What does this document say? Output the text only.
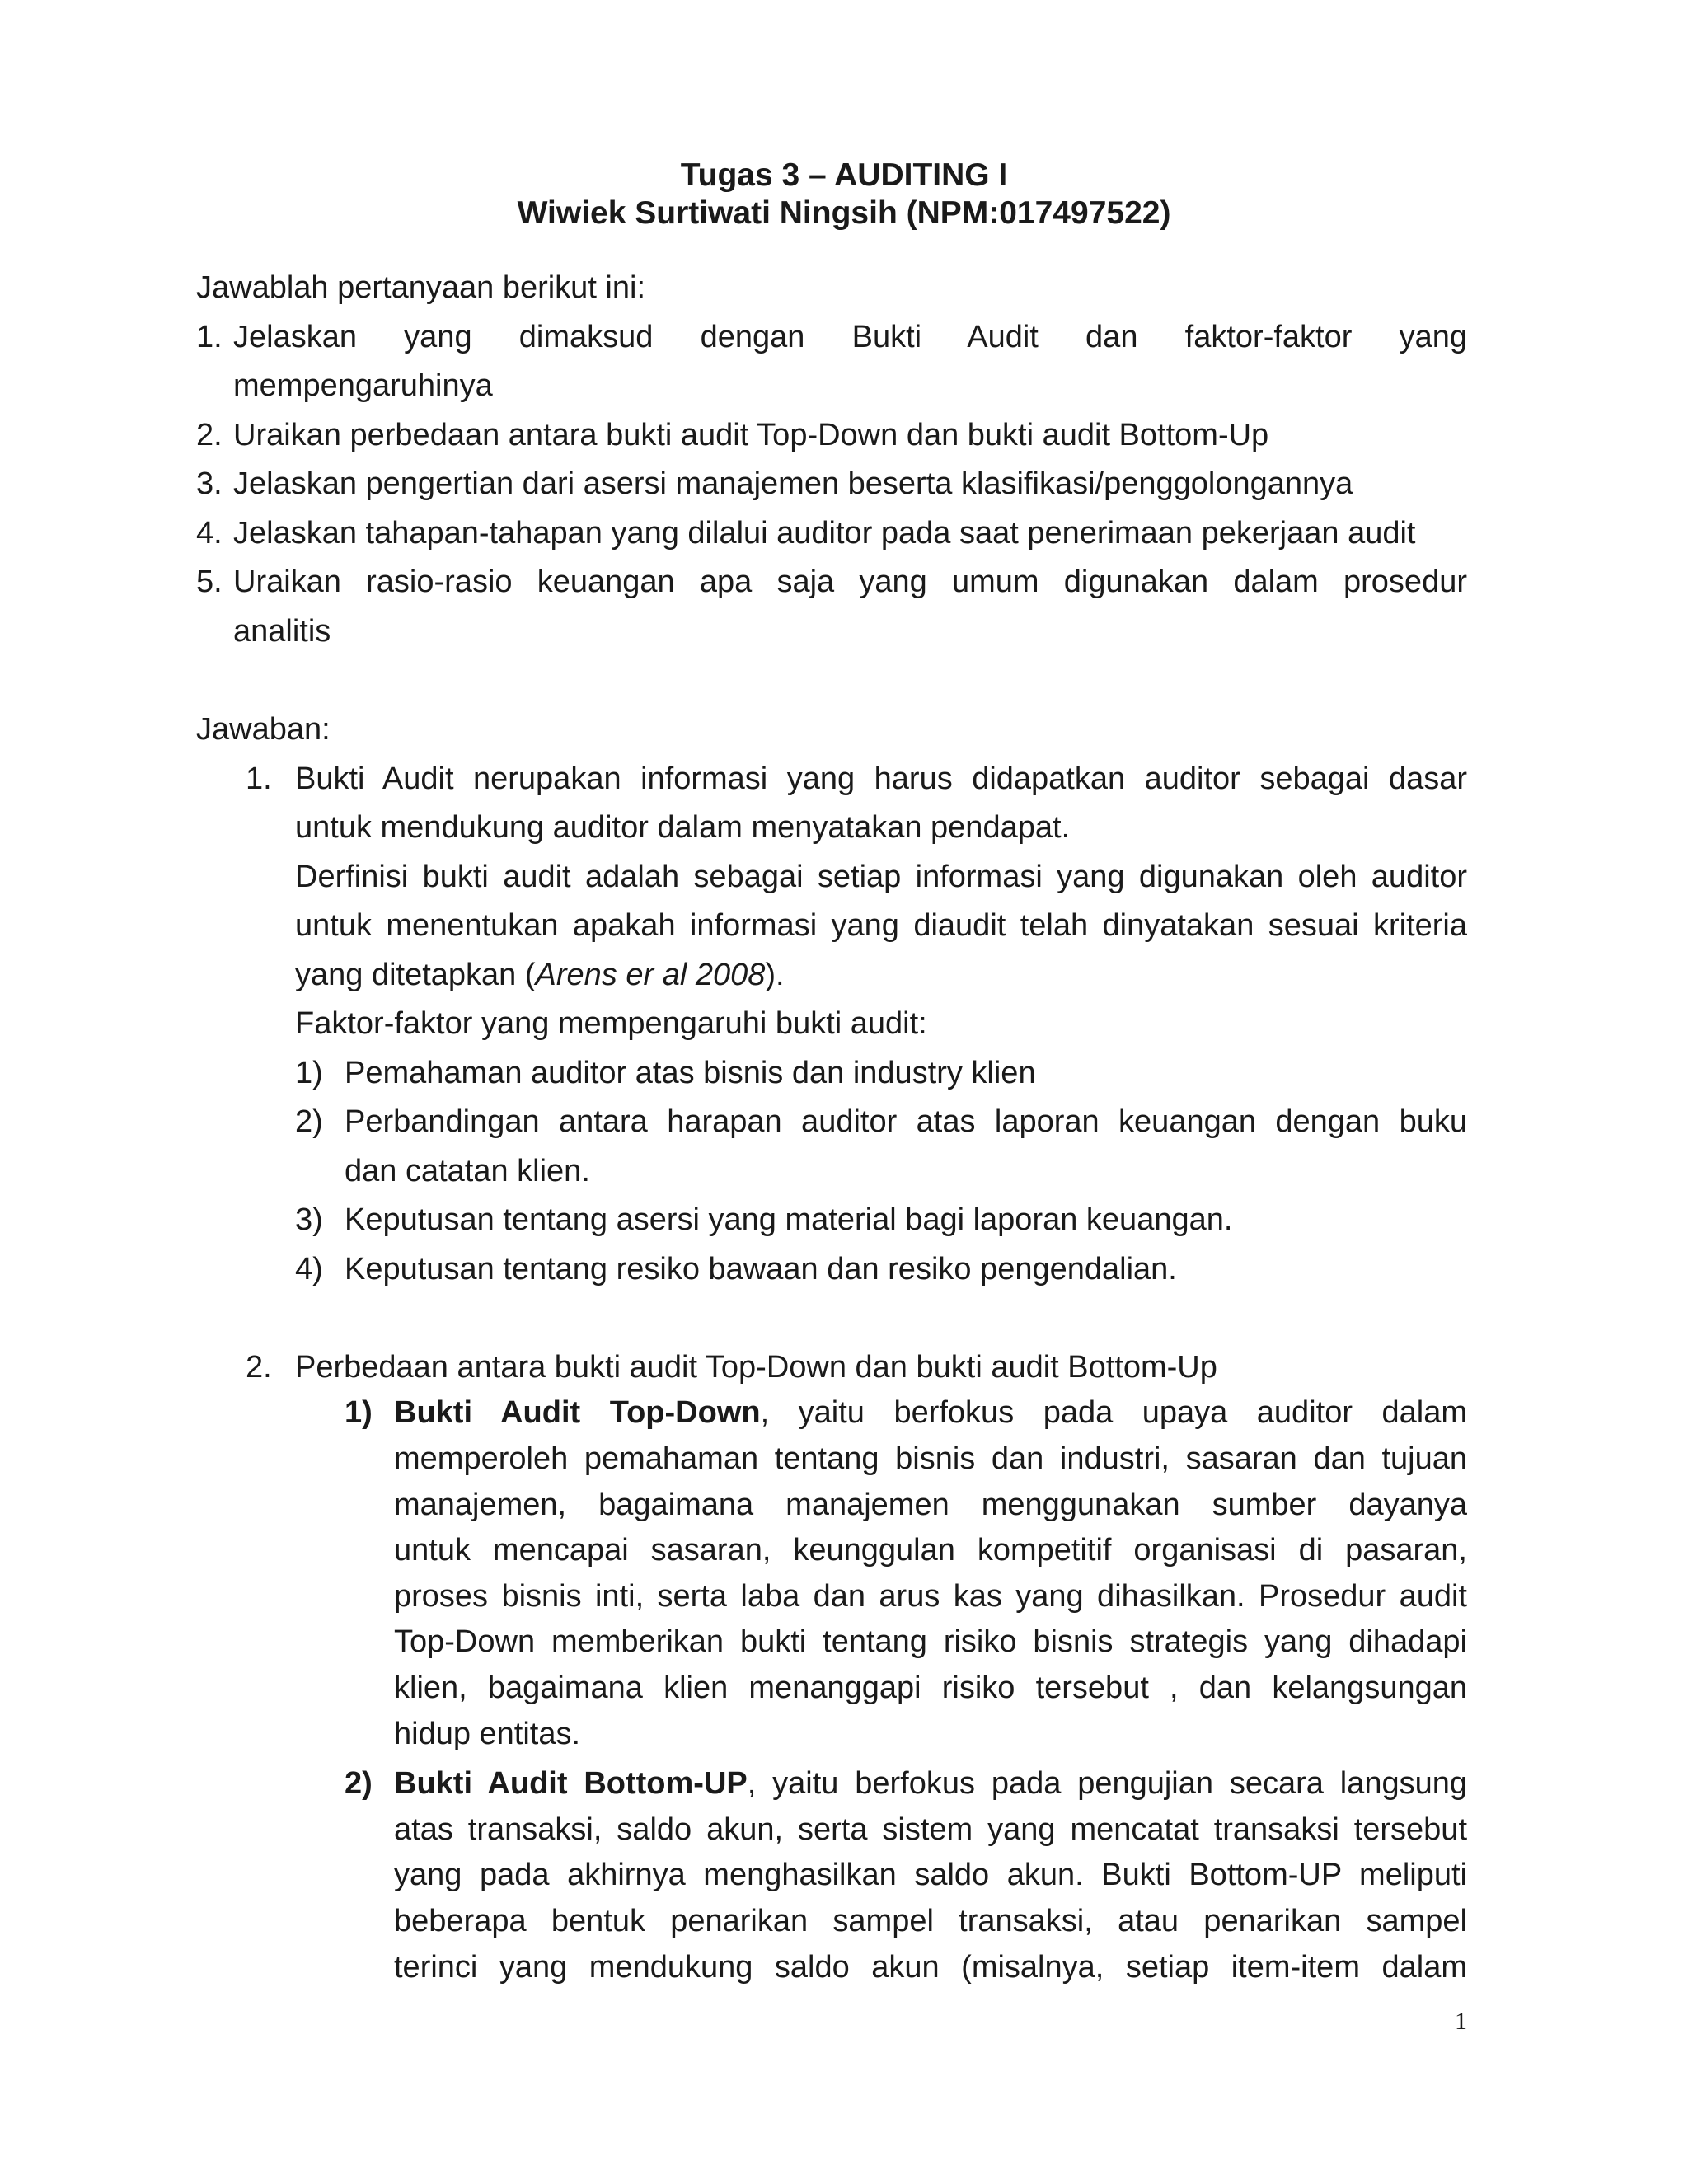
Tugas 3 – AUDITING I
Wiwiek Surtiwati Ningsih (NPM:017497522)
Jawablah pertanyaan berikut ini:
1. Jelaskan yang dimaksud dengan Bukti Audit dan faktor-faktor yang
mempengaruhinya
2. Uraikan perbedaan antara bukti audit Top-Down dan bukti audit Bottom-Up
3. Jelaskan pengertian dari asersi manajemen beserta klasifikasi/penggolongannya
4. Jelaskan tahapan-tahapan yang dilalui auditor pada saat penerimaan pekerjaan audit
5. Uraikan rasio-rasio keuangan apa saja yang umum digunakan dalam prosedur
analitis
Jawaban:
1. Bukti Audit nerupakan informasi yang harus didapatkan auditor sebagai dasar
untuk mendukung auditor dalam menyatakan pendapat.
Derfinisi bukti audit adalah sebagai setiap informasi yang digunakan oleh auditor
untuk menentukan apakah informasi yang diaudit telah dinyatakan sesuai kriteria
yang ditetapkan (Arens er al 2008).
Faktor-faktor yang mempengaruhi bukti audit:
1) Pemahaman auditor atas bisnis dan industry klien
2) Perbandingan antara harapan auditor atas laporan keuangan dengan buku
dan catatan klien.
3) Keputusan tentang asersi yang material bagi laporan keuangan.
4) Keputusan tentang resiko bawaan dan resiko pengendalian.
2. Perbedaan antara bukti audit Top-Down dan bukti audit Bottom-Up
1) Bukti Audit Top-Down, yaitu berfokus pada upaya auditor dalam
memperoleh pemahaman tentang bisnis dan industri, sasaran dan tujuan
manajemen, bagaimana manajemen menggunakan sumber dayanya
untuk mencapai sasaran, keunggulan kompetitif organisasi di pasaran,
proses bisnis inti, serta laba dan arus kas yang dihasilkan. Prosedur audit
Top-Down memberikan bukti tentang risiko bisnis strategis yang dihadapi
klien, bagaimana klien menanggapi risiko tersebut , dan kelangsungan
hidup entitas.
2) Bukti Audit Bottom-UP, yaitu berfokus pada pengujian secara langsung
atas transaksi, saldo akun, serta sistem yang mencatat transaksi tersebut
yang pada akhirnya menghasilkan saldo akun. Bukti Bottom-UP meliputi
beberapa bentuk penarikan sampel transaksi, atau penarikan sampel
terinci yang mendukung saldo akun (misalnya, setiap item-item dalam
1
